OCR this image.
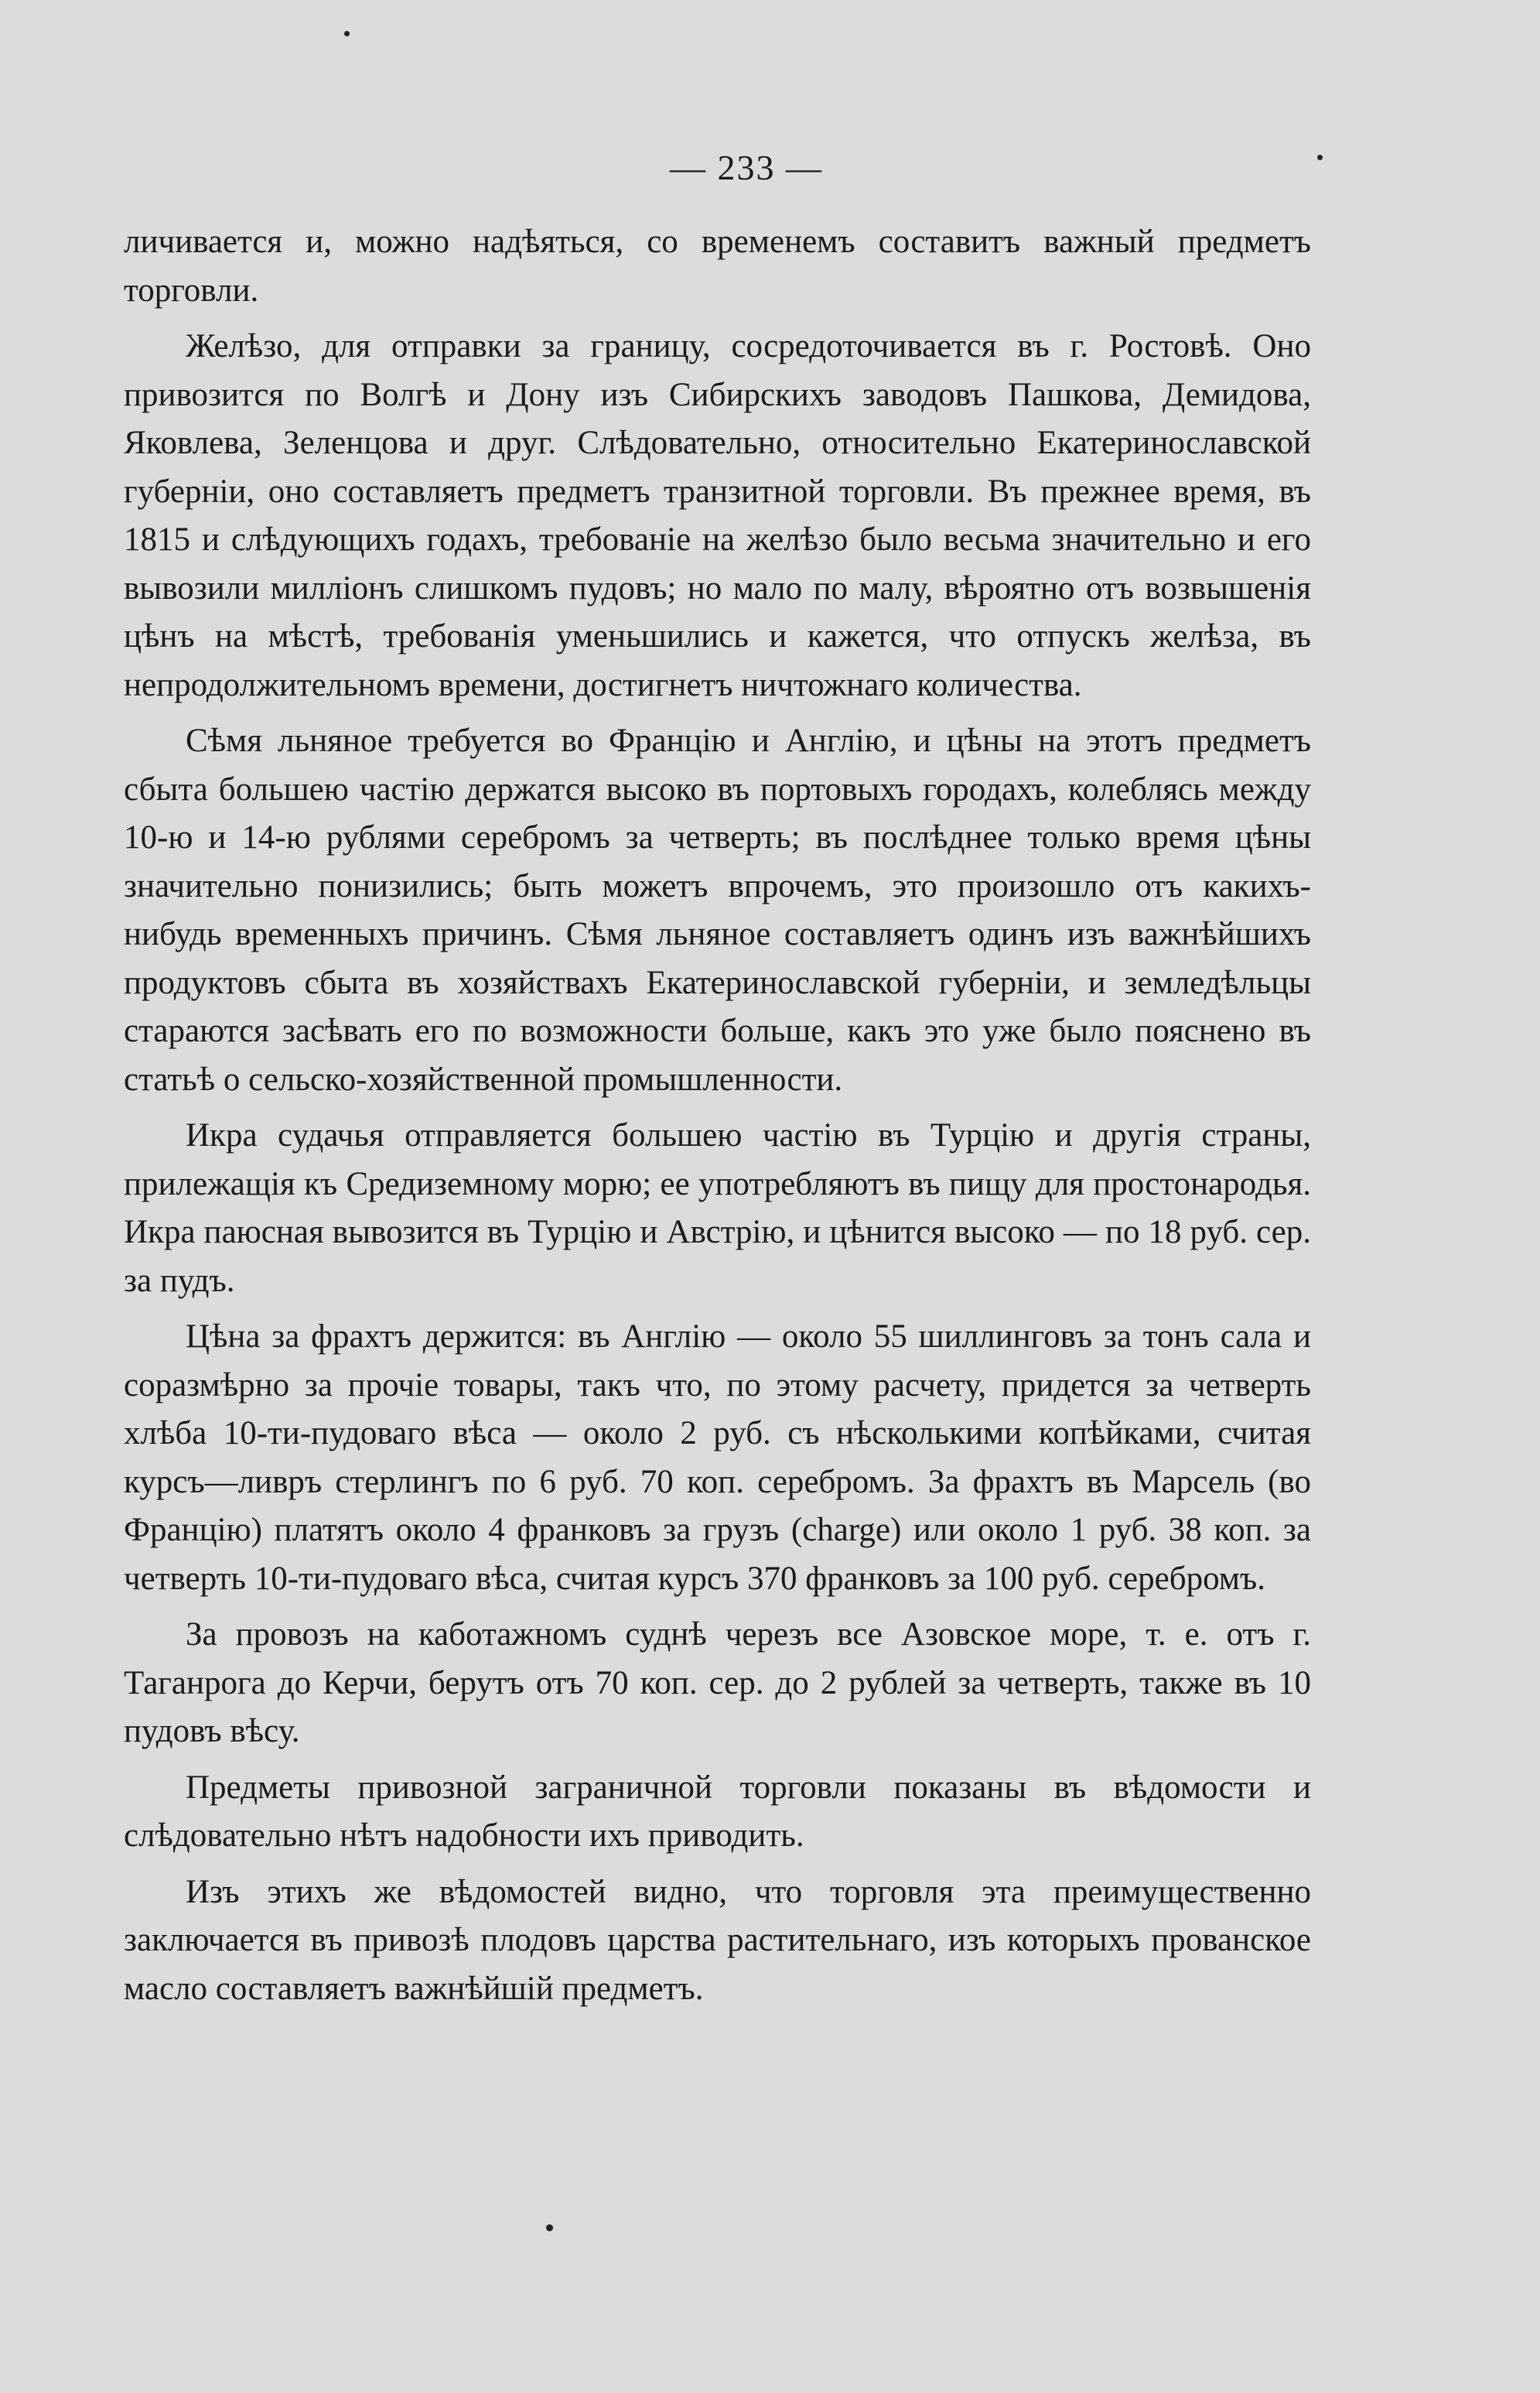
— 233 —

личивается и, можно надѣяться, со временемъ составитъ важный предметъ торговли.

Желѣзо, для отправки за границу, сосредоточивается въ г. Ростовѣ. Оно привозится по Волгѣ и Дону изъ Сибирскихъ заводовъ Пашкова, Демидова, Яковлева, Зеленцова и друг. Слѣдовательно, относительно Екатеринославской губерніи, оно составляетъ предметъ транзитной торговли. Въ прежнее время, въ 1815 и слѣдующихъ годахъ, требованіе на желѣзо было весьма значительно и его вывозили милліонъ слишкомъ пудовъ; но мало по малу, вѣроятно отъ возвышенія цѣнъ на мѣстѣ, требованія уменьшились и кажется, что отпускъ желѣза, въ непродолжительномъ времени, достигнетъ ничтожнаго количества.

Сѣмя льняное требуется во Францію и Англію, и цѣны на этотъ предметъ сбыта большею частію держатся высоко въ портовыхъ городахъ, колеблясь между 10-ю и 14-ю рублями серебромъ за четверть; въ послѣднее только время цѣны значительно понизились; быть можетъ впрочемъ, это произошло отъ какихъ-нибудь временныхъ причинъ. Сѣмя льняное составляетъ одинъ изъ важнѣйшихъ продуктовъ сбыта въ хозяйствахъ Екатеринославской губерніи, и земледѣльцы стараются засѣвать его по возможности больше, какъ это уже было пояснено въ статьѣ о сельско-хозяйственной промышленности.

Икра судачья отправляется большею частію въ Турцію и другія страны, прилежащія къ Средиземному морю; ее употребляютъ въ пищу для простонародья. Икра паюсная вывозится въ Турцію и Австрію, и цѣнится высоко — по 18 руб. сер. за пудъ.

Цѣна за фрахтъ держится: въ Англію — около 55 шиллинговъ за тонъ сала и соразмѣрно за прочіе товары, такъ что, по этому расчету, придется за четверть хлѣба 10-ти-пудоваго вѣса — около 2 руб. съ нѣсколькими копѣйками, считая курсъ—ливръ стерлингъ по 6 руб. 70 коп. серебромъ. За фрахтъ въ Марсель (во Францію) платятъ около 4 франковъ за грузъ (charge) или около 1 руб. 38 коп. за четверть 10-ти-пудоваго вѣса, считая курсъ 370 франковъ за 100 руб. серебромъ.

За провозъ на каботажномъ суднѣ черезъ все Азовское море, т. е. отъ г. Таганрога до Керчи, берутъ отъ 70 коп. сер. до 2 рублей за четверть, также въ 10 пудовъ вѣсу.

Предметы привозной заграничной торговли показаны въ вѣдомости и слѣдовательно нѣтъ надобности ихъ приводить.

Изъ этихъ же вѣдомостей видно, что торговля эта преимущественно заключается въ привозѣ плодовъ царства растительнаго, изъ которыхъ прованское масло составляетъ важнѣйшій предметъ.
